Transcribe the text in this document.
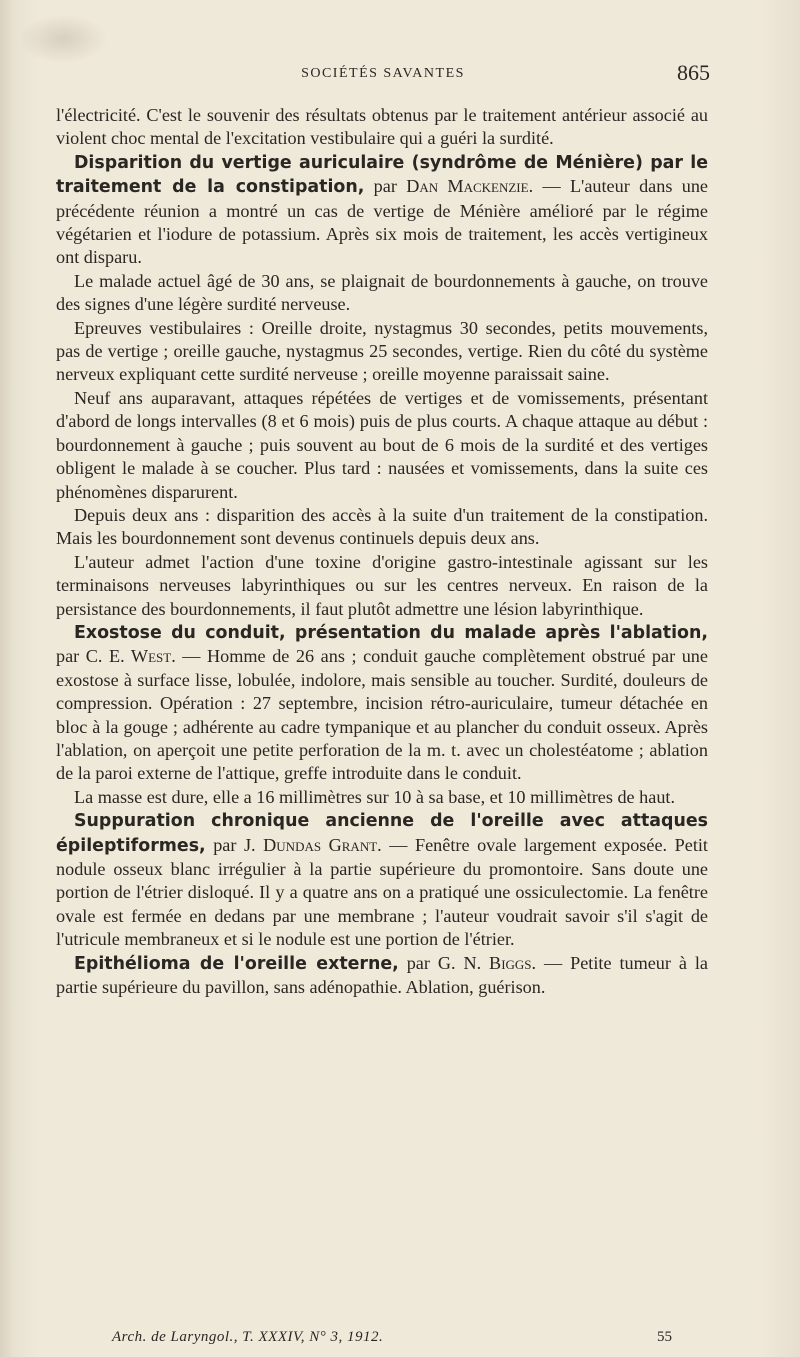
SOCIÉTÉS SAVANTES	865

l'électricité. C'est le souvenir des résultats obtenus par le traitement antérieur associé au violent choc mental de l'excitation vestibulaire qui a guéri la surdité.

Disparition du vertige auriculaire (syndrôme de Ménière) par le traitement de la constipation, par Dan Mackenzie. — L'auteur dans une précédente réunion a montré un cas de vertige de Ménière amélioré par le régime végétarien et l'iodure de potassium. Après six mois de traitement, les accès vertigineux ont disparu.

Le malade actuel âgé de 30 ans, se plaignait de bourdonnements à gauche, on trouve des signes d'une légère surdité nerveuse.

Epreuves vestibulaires : Oreille droite, nystagmus 30 secondes, petits mouvements, pas de vertige ; oreille gauche, nystagmus 25 secondes, vertige. Rien du côté du système nerveux expliquant cette surdité nerveuse ; oreille moyenne paraissait saine.

Neuf ans auparavant, attaques répétées de vertiges et de vomissements, présentant d'abord de longs intervalles (8 et 6 mois) puis de plus courts. A chaque attaque au début : bourdonnement à gauche ; puis souvent au bout de 6 mois de la surdité et des vertiges obligent le malade à se coucher. Plus tard : nausées et vomissements, dans la suite ces phénomènes disparurent.

Depuis deux ans : disparition des accès à la suite d'un traitement de la constipation. Mais les bourdonnement sont devenus continuels depuis deux ans.

L'auteur admet l'action d'une toxine d'origine gastro-intestinale agissant sur les terminaisons nerveuses labyrinthiques ou sur les centres nerveux. En raison de la persistance des bourdonnements, il faut plutôt admettre une lésion labyrinthique.

Exostose du conduit, présentation du malade après l'ablation, par C. E. West. — Homme de 26 ans ; conduit gauche complètement obstrué par une exostose à surface lisse, lobulée, indolore, mais sensible au toucher. Surdité, douleurs de compression. Opération : 27 septembre, incision rétro-auriculaire, tumeur détachée en bloc à la gouge ; adhérente au cadre tympanique et au plancher du conduit osseux. Après l'ablation, on aperçoit une petite perforation de la m. t. avec un cholestéatome ; ablation de la paroi externe de l'attique, greffe introduite dans le conduit.

La masse est dure, elle a 16 millimètres sur 10 à sa base, et 10 millimètres de haut.

Suppuration chronique ancienne de l'oreille avec attaques épileptiformes, par J. Dundas Grant. — Fenêtre ovale largement exposée. Petit nodule osseux blanc irrégulier à la partie supérieure du promontoire. Sans doute une portion de l'étrier disloqué. Il y a quatre ans on a pratiqué une ossiculectomie. La fenêtre ovale est fermée en dedans par une membrane ; l'auteur voudrait savoir s'il s'agit de l'utricule membraneux et si le nodule est une portion de l'étrier.

Epithélioma de l'oreille externe, par G. N. Biggs. — Petite tumeur à la partie supérieure du pavillon, sans adénopathie. Ablation, guérison.

Arch. de Laryngol., T. XXXIV, N° 3, 1912.	55
